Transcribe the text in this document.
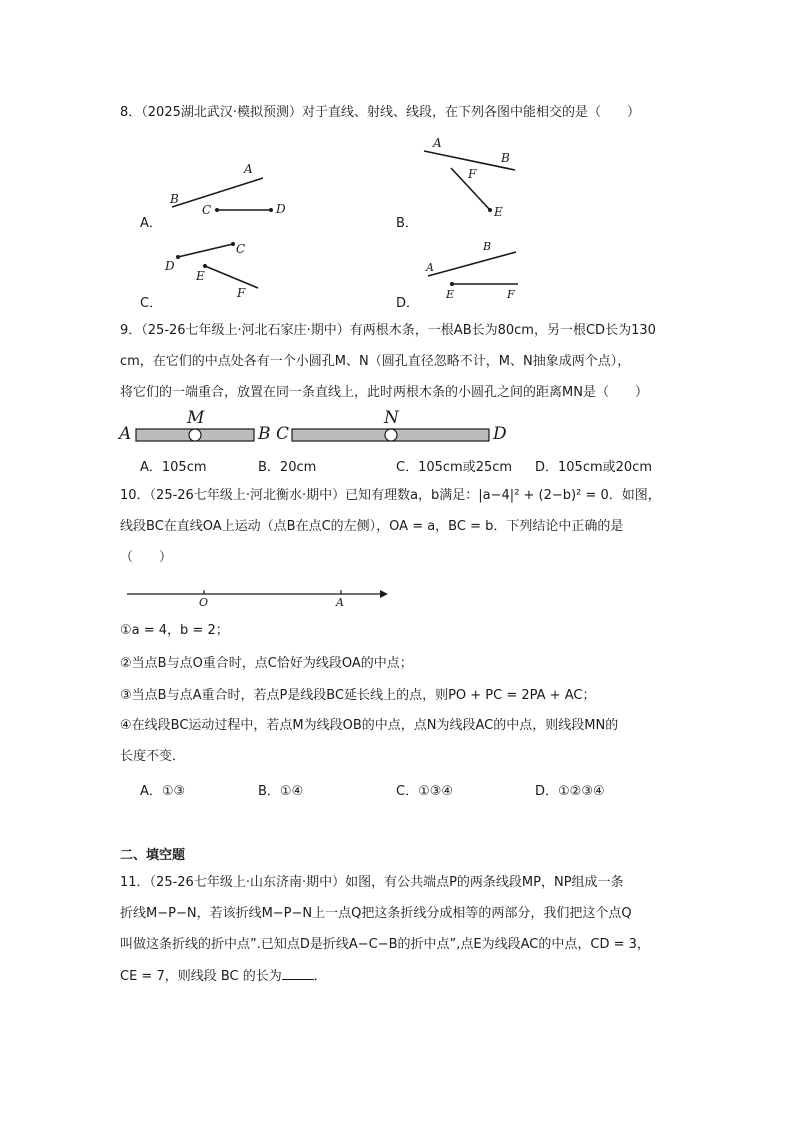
8．（2025湖北武汉·模拟预测）对于直线、射线、线段，在下列各图中能相交的是（　　）
A．	B．
C．	D．
A
B
C	D
A
B
F
E
C
D
E
F
B
A
E	F
9．（25-26七年级上·河北石家庄·期中）有两根木条，一根AB长为80cm，另一根CD长为130
cm，在它们的中点处各有一个小圆孔M、N（圆孔直径忽略不计，M、N抽象成两个点），
将它们的一端重合，放置在同一条直线上，此时两根木条的小圆孔之间的距离MN是（　　）
A
M
B C
N
D
A．105cm	B．20cm	C．105cm或25cm D．105cm或20cm
10．（25-26七年级上·河北衡水·期中）已知有理数a，b满足：|a−4|² + (2−b)² = 0．如图，
线段BC在直线OA上运动（点B在点C的左侧），OA = a，BC = b．下列结论中正确的是
（　　）
O	A
①a = 4，b = 2；
②当点B与点O重合时，点C恰好为线段OA的中点；
③当点B与点A重合时，若点P是线段BC延长线上的点，则PO + PC = 2PA + AC；
④在线段BC运动过程中，若点M为线段OB的中点，点N为线段AC的中点，则线段MN的
长度不变．
A．①③	B．①④	C．①③④	D．①②③④
二、填空题
11．（25-26七年级上·山东济南·期中）如图，有公共端点P的两条线段MP，NP组成一条
折线M−P−N，若该折线M−P−N上一点Q把这条折线分成相等的两部分，我们把这个点Q
叫做这条折线的折中点”.已知点D是折线A−C−B的折中点”,点E为线段AC的中点，CD = 3，
CE = 7，则线段 BC 的长为 ．
